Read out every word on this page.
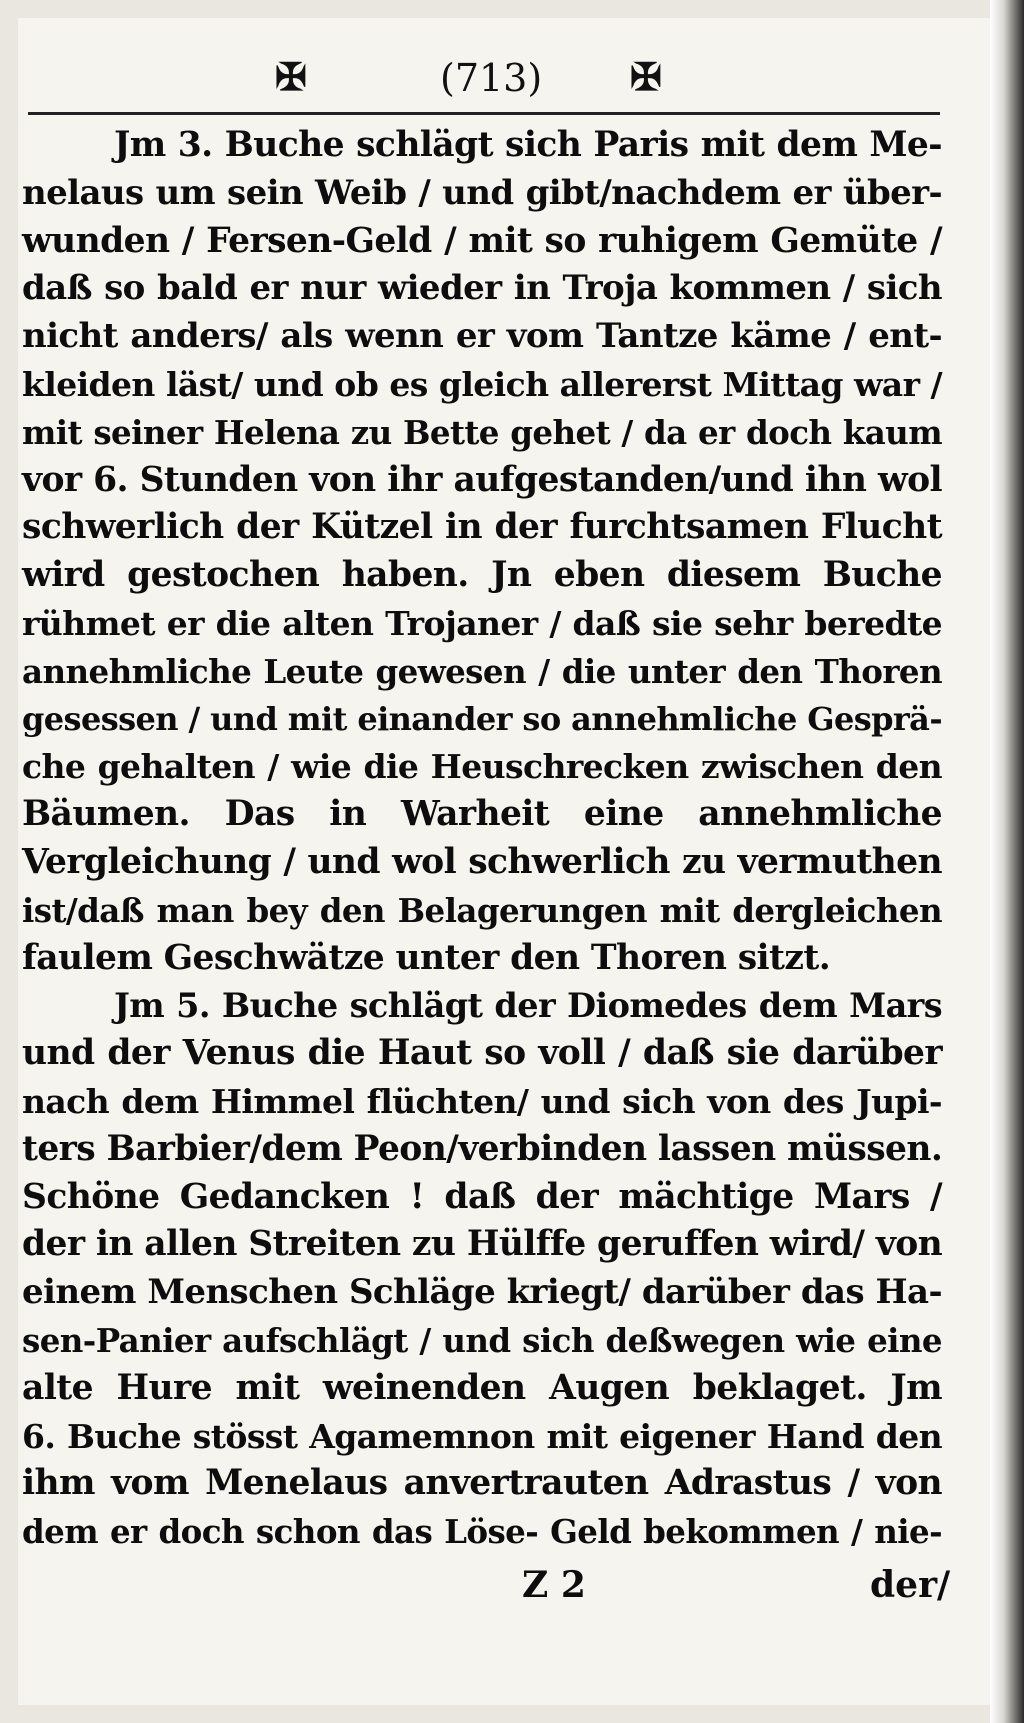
✠	(713) ✠
Jm 3. Buche schlägt sich Paris mit dem Me-
nelaus um sein Weib / und gibt/nachdem er über-
wunden / Fersen-Geld / mit so ruhigem Gemüte /
daß so bald er nur wieder in Troja kommen / sich
nicht anders/ als wenn er vom Tantze käme / ent-
kleiden läst/ und ob es gleich allererst Mittag war /
mit seiner Helena zu Bette gehet / da er doch kaum
vor 6. Stunden von ihr aufgestanden/und ihn wol
schwerlich der Kützel in der furchtsamen Flucht
wird gestochen haben. Jn eben diesem Buche
rühmet er die alten Trojaner / daß sie sehr beredte
annehmliche Leute gewesen / die unter den Thoren
gesessen / und mit einander so annehmliche Gesprä-
che gehalten / wie die Heuschrecken zwischen den
Bäumen. Das in Warheit eine annehmliche
Vergleichung / und wol schwerlich zu vermuthen
ist/daß man bey den Belagerungen mit dergleichen
faulem Geschwätze unter den Thoren sitzt.
Jm 5. Buche schlägt der Diomedes dem Mars
und der Venus die Haut so voll / daß sie darüber
nach dem Himmel flüchten/ und sich von des Jupi-
ters Barbier/dem Peon/verbinden lassen müssen.
Schöne Gedancken ! daß der mächtige Mars /
der in allen Streiten zu Hülffe geruffen wird/ von
einem Menschen Schläge kriegt/ darüber das Ha-
sen-Panier aufschlägt / und sich deßwegen wie eine
alte Hure mit weinenden Augen beklaget. Jm
6. Buche stösst Agamemnon mit eigener Hand den
ihm vom Menelaus anvertrauten Adrastus / von
dem er doch schon das Löse- Geld bekommen / nie-
Z 2	der/
